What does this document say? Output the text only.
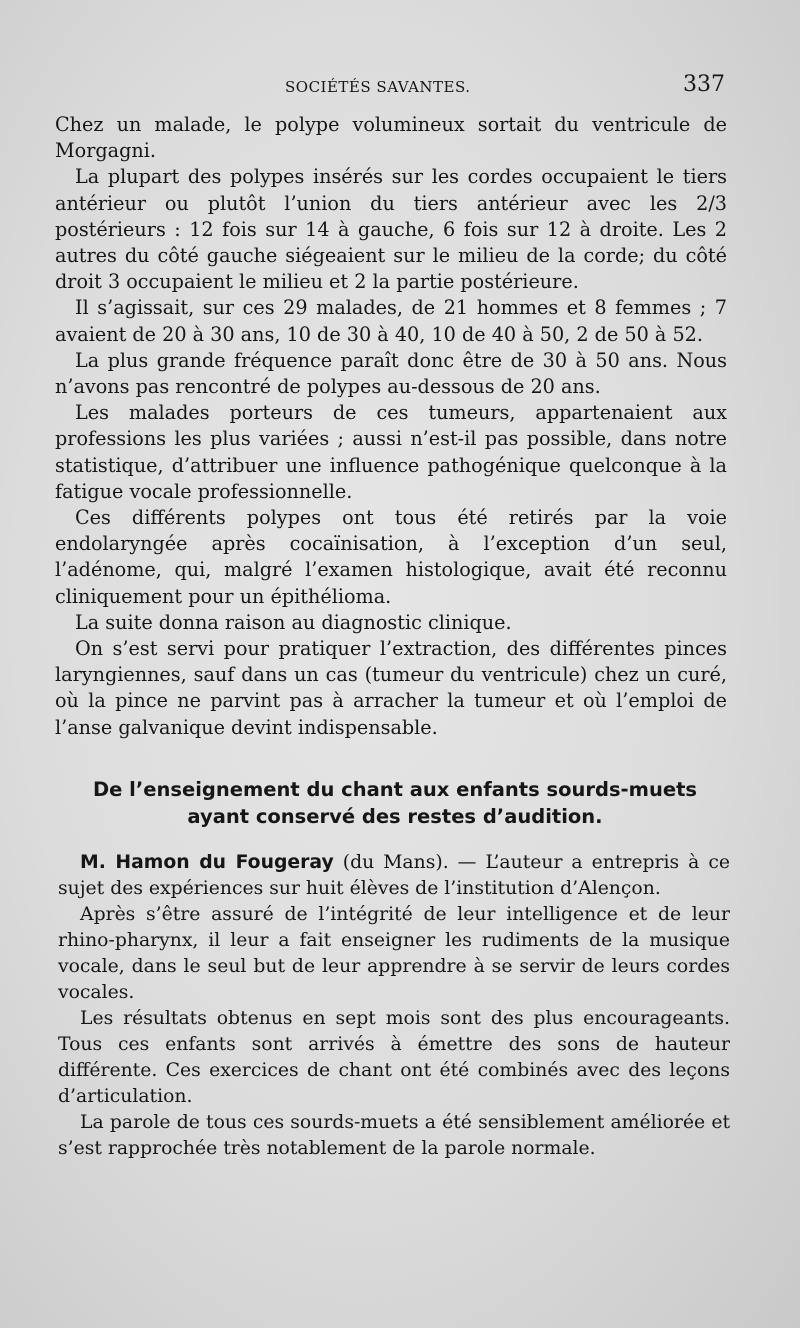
SOCIÉTÉS SAVANTES.	337

Chez un malade, le polype volumineux sortait du ventricule de Morgagni.

La plupart des polypes insérés sur les cordes occupaient le tiers antérieur ou plutôt l’union du tiers antérieur avec les 2/3 postérieurs : 12 fois sur 14 à gauche, 6 fois sur 12 à droite. Les 2 autres du côté gauche siégeaient sur le milieu de la corde; du côté droit 3 occupaient le milieu et 2 la partie postérieure.

Il s’agissait, sur ces 29 malades, de 21 hommes et 8 femmes ; 7 avaient de 20 à 30 ans, 10 de 30 à 40, 10 de 40 à 50, 2 de 50 à 52.

La plus grande fréquence paraît donc être de 30 à 50 ans. Nous n’avons pas rencontré de polypes au-dessous de 20 ans.

Les malades porteurs de ces tumeurs, appartenaient aux professions les plus variées ; aussi n’est-il pas possible, dans notre statistique, d’attribuer une influence pathogénique quelconque à la fatigue vocale professionnelle.

Ces différents polypes ont tous été retirés par la voie endolaryngée après cocaïnisation, à l’exception d’un seul, l’adénome, qui, malgré l’examen histologique, avait été reconnu cliniquement pour un épithélioma.

La suite donna raison au diagnostic clinique.

On s’est servi pour pratiquer l’extraction, des différentes pinces laryngiennes, sauf dans un cas (tumeur du ventricule) chez un curé, où la pince ne parvint pas à arracher la tumeur et où l’emploi de l’anse galvanique devint indispensable.

De l’enseignement du chant aux enfants sourds-muets
ayant conservé des restes d’audition.

M. Hamon du Fougeray (du Mans). — L’auteur a entrepris à ce sujet des expériences sur huit élèves de l’institution d’Alençon.

Après s’être assuré de l’intégrité de leur intelligence et de leur rhino-pharynx, il leur a fait enseigner les rudiments de la musique vocale, dans le seul but de leur apprendre à se servir de leurs cordes vocales.

Les résultats obtenus en sept mois sont des plus encourageants. Tous ces enfants sont arrivés à émettre des sons de hauteur différente. Ces exercices de chant ont été combinés avec des leçons d’articulation.

La parole de tous ces sourds-muets a été sensiblement améliorée et s’est rapprochée très notablement de la parole normale.
